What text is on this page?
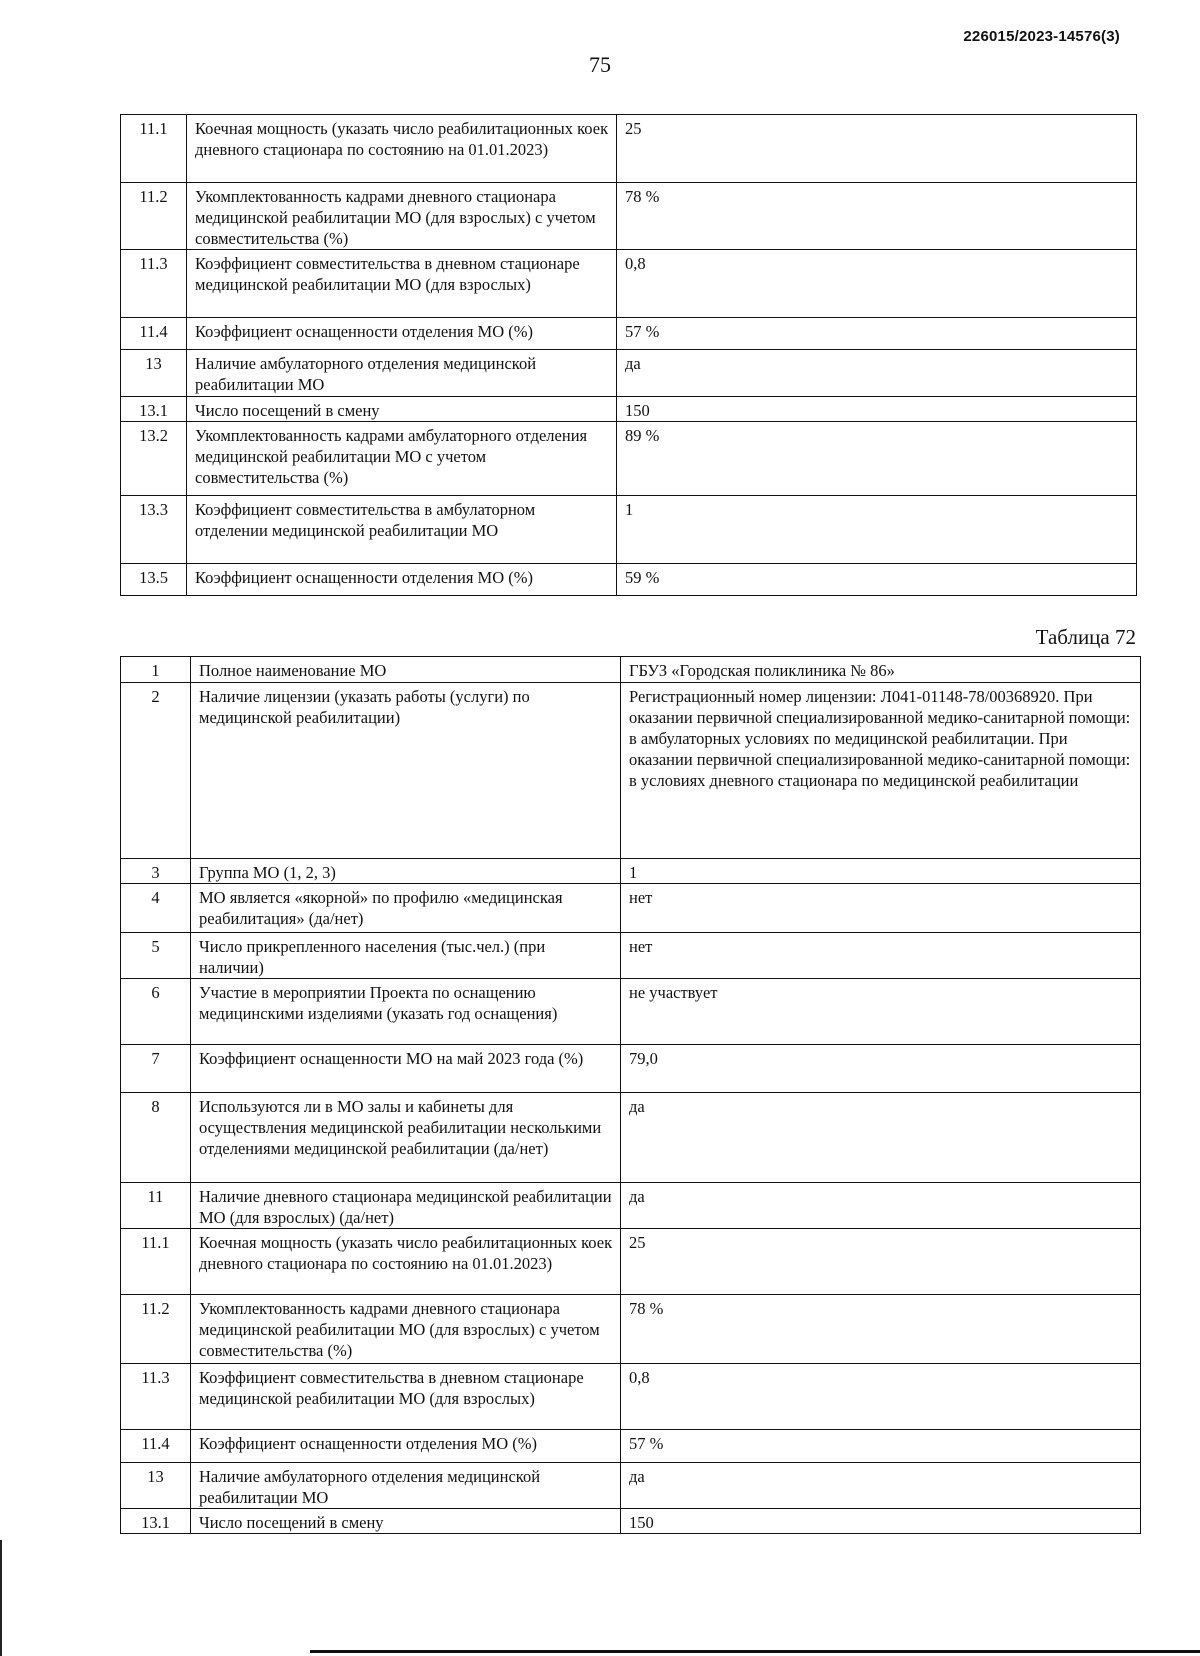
226015/2023-14576(3)
75
11.1	Коечная мощность (указать число реабилитационных коек дневного стационара по состоянию на 01.01.2023)	25
11.2	Укомплектованность кадрами дневного стационара медицинской реабилитации МО (для взрослых) с учетом совместительства (%)	78 %
11.3	Коэффициент совместительства в дневном стационаре медицинской реабилитации МО (для взрослых)	0,8
11.4	Коэффициент оснащенности отделения МО (%)	57 %
13	Наличие амбулаторного отделения медицинской реабилитации МО	да
13.1	Число посещений в смену	150
13.2	Укомплектованность кадрами амбулаторного отделения медицинской реабилитации МО с учетом совместительства (%)	89 %
13.3	Коэффициент совместительства в амбулаторном отделении медицинской реабилитации МО	1
13.5	Коэффициент оснащенности отделения МО (%)	59 %
Таблица 72
1	Полное наименование МО	ГБУЗ «Городская поликлиника № 86»
2	Наличие лицензии (указать работы (услуги) по медицинской реабилитации)	Регистрационный номер лицензии: Л041-01148-78/00368920. При оказании первичной специализированной медико-санитарной помощи: в амбулаторных условиях по медицинской реабилитации. При оказании первичной специализированной медико-санитарной помощи: в условиях дневного стационара по медицинской реабилитации
3	Группа МО (1, 2, 3)	1
4	МО является «якорной» по профилю «медицинская реабилитация» (да/нет)	нет
5	Число прикрепленного населения (тыс.чел.) (при наличии)	нет
6	Участие в мероприятии Проекта по оснащению медицинскими изделиями (указать год оснащения)	не участвует
7	Коэффициент оснащенности МО на май 2023 года (%)	79,0
8	Используются ли в МО залы и кабинеты для осуществления медицинской реабилитации несколькими отделениями медицинской реабилитации (да/нет)	да
11	Наличие дневного стационара медицинской реабилитации МО (для взрослых) (да/нет)	да
11.1	Коечная мощность (указать число реабилитационных коек дневного стационара по состоянию на 01.01.2023)	25
11.2	Укомплектованность кадрами дневного стационара медицинской реабилитации МО (для взрослых) с учетом совместительства (%)	78 %
11.3	Коэффициент совместительства в дневном стационаре медицинской реабилитации МО (для взрослых)	0,8
11.4	Коэффициент оснащенности отделения МО (%)	57 %
13	Наличие амбулаторного отделения медицинской реабилитации МО	да
13.1	Число посещений в смену	150
